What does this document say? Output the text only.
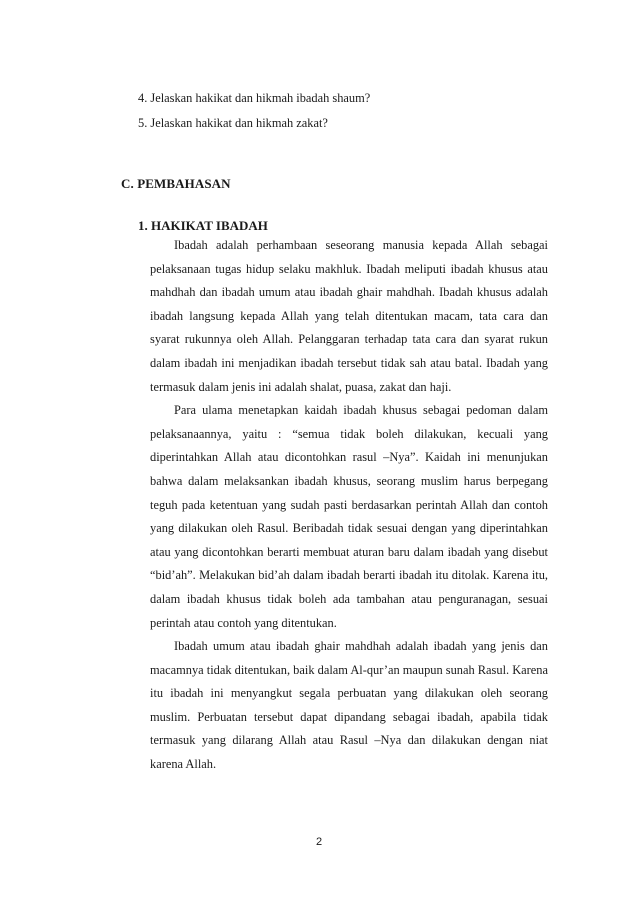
4. Jelaskan hakikat dan hikmah ibadah shaum?
5. Jelaskan hakikat dan hikmah zakat?
C. PEMBAHASAN
1. HAKIKAT IBADAH

Ibadah adalah perhambaan seseorang manusia kepada Allah sebagai pelaksanaan tugas hidup selaku makhluk. Ibadah meliputi ibadah khusus atau mahdhah dan ibadah umum atau ibadah ghair mahdhah. Ibadah khusus adalah ibadah langsung kepada Allah yang telah ditentukan macam, tata cara dan syarat rukunnya oleh Allah. Pelanggaran terhadap tata cara dan syarat rukun dalam ibadah ini menjadikan ibadah tersebut tidak sah atau batal. Ibadah yang termasuk dalam jenis ini adalah shalat, puasa, zakat dan haji.

Para ulama menetapkan kaidah ibadah khusus sebagai pedoman dalam pelaksanaannya, yaitu : “semua tidak boleh dilakukan, kecuali yang diperintahkan Allah atau dicontohkan rasul –Nya”. Kaidah ini menunjukan bahwa dalam melaksankan ibadah khusus, seorang muslim harus berpegang teguh pada ketentuan yang sudah pasti berdasarkan perintah Allah dan contoh yang dilakukan oleh Rasul. Beribadah tidak sesuai dengan yang diperintahkan atau yang dicontohkan berarti membuat aturan baru dalam ibadah yang disebut “bid’ah”. Melakukan bid’ah dalam ibadah berarti ibadah itu ditolak. Karena itu, dalam ibadah khusus tidak boleh ada tambahan atau penguranagan, sesuai perintah atau contoh yang ditentukan.

Ibadah umum atau ibadah ghair mahdhah adalah ibadah yang jenis dan macamnya tidak ditentukan, baik dalam Al-qur’an maupun sunah Rasul. Karena itu ibadah ini menyangkut segala perbuatan yang dilakukan oleh seorang muslim. Perbuatan tersebut dapat dipandang sebagai ibadah, apabila tidak termasuk yang dilarang Allah atau Rasul –Nya dan dilakukan dengan niat karena Allah.

2
